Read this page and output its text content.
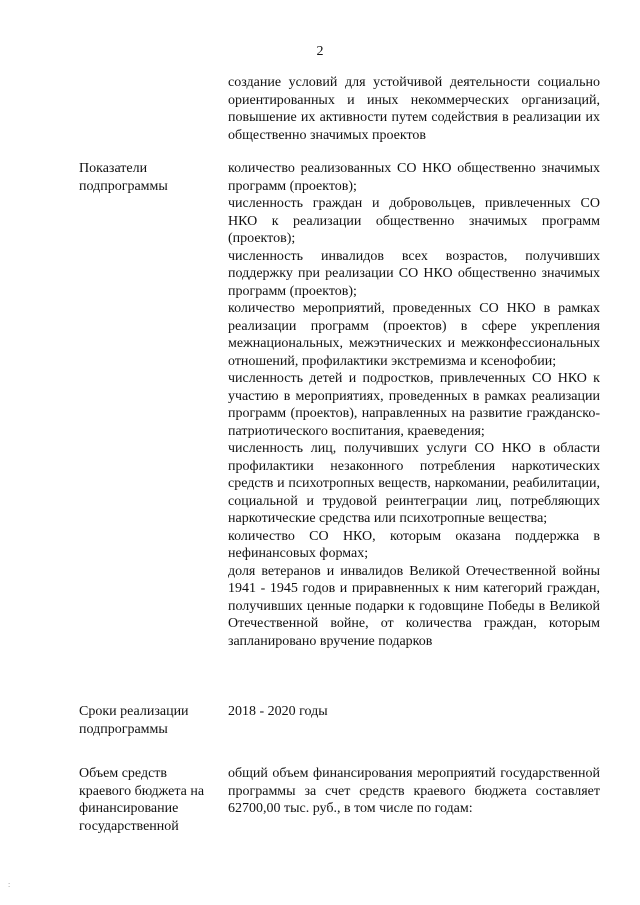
2

создание условий для устойчивой деятельности социально ориентированных и иных некоммерческих организаций, повышение их активности путем содействия в реализации их общественно значимых проектов

Показатели подпрограммы

количество реализованных СО НКО общественно значимых программ (проектов);

численность граждан и добровольцев, привлеченных СО НКО к реализации общественно значимых программ (проектов);

численность инвалидов всех возрастов, получивших поддержку при реализации СО НКО общественно значимых программ (проектов);

количество мероприятий, проведенных СО НКО в рамках реализации программ (проектов) в сфере укрепления межнациональных, межэтнических и межконфессиональных отношений, профилактики экстремизма и ксенофобии;

численность детей и подростков, привлеченных СО НКО к участию в мероприятиях, проведенных в рамках реализации программ (проектов), направленных на развитие гражданско-патриотического воспитания, краеведения;

численность лиц, получивших услуги СО НКО в области профилактики незаконного потребления наркотических средств и психотропных веществ, наркомании, реабилитации, социальной и трудовой реинтеграции лиц, потребляющих наркотические средства или психотропные вещества;

количество СО НКО, которым оказана поддержка в нефинансовых формах;

доля ветеранов и инвалидов Великой Отечественной войны 1941 - 1945 годов и приравненных к ним категорий граждан, получивших ценные подарки к годовщине Победы в Великой Отечественной войне, от количества граждан, которым запланировано вручение подарков

Сроки реализации подпрограммы

2018 - 2020 годы

Объем средств краевого бюджета на финансирование государственной

общий объем финансирования мероприятий государственной программы за счет средств краевого бюджета составляет 62700,00 тыс. руб., в том числе по годам:

:
